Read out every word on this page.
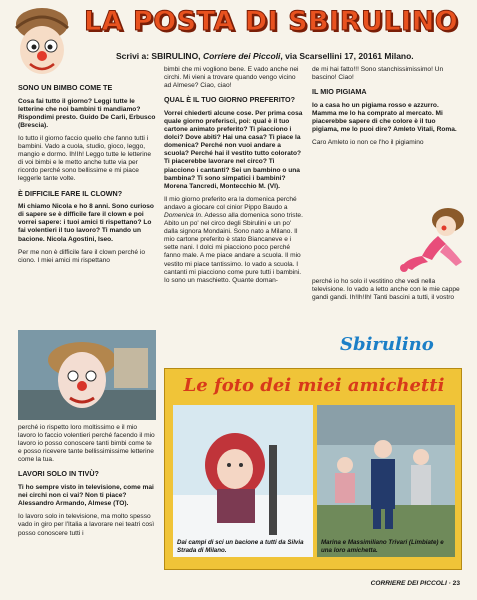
LA POSTA DI SBIRULINO
Scrivi a: SBIRULINO, Corriere dei Piccoli, via Scarsellini 17, 20161 Milano.
SONO UN BIMBO COME TE
Cosa fai tutto il giorno? Leggi tutte le letterine che noi bambini ti mandiamo? Rispondimi presto. Guido De Carli, Erbusco (Brescia).
Io tutto il giorno faccio quello che fanno tutti i bambini. Vado a cuola, studio, gioco, leggo, mangio e dormo. Ih!Ih! Leggo tutte le letterine di voi bimbi e le metto anche tutte via per ricordo perché sono bellissime e mi piace leggerle tante volte.
È DIFFICILE FARE IL CLOWN?
Mi chiamo Nicola e ho 8 anni. Sono curioso di sapere se è difficile fare il clown e poi vorrei sapere: i tuoi amici ti rispettano? Lo fai volentieri il tuo lavoro? Ti mando un bacione. Nicola Agostini, Iseo.
Per me non è difficile fare il clown perché io ciono. I miei amici mi rispettano
perché io rispetto loro moltissimo e il mio lavoro lo faccio volentieri perché facendo il mio lavoro io posso conoscere tanti bimbi come te e posso ricevere tante bellissimissime letterine come la tua.
LAVORI SOLO IN TIVÙ?
Ti ho sempre visto in televisione, come mai nei circhi non ci vai? Non ti piace? Alessandro Armando, Almese (TO).
Io lavoro solo in televisione, ma molto spesso vado in giro per l'Italia a lavorare nei teatri così posso conoscere tutti i
bimbi che mi vogliono bene. E vado anche nei circhi. Mi vieni a trovare quando vengo vicino ad Almese? Ciao, ciao!
QUAL È IL TUO GIORNO PREFERITO?
Vorrei chiederti alcune cose. Per prima cosa quale giorno preferisci, poi: qual è il tuo cartone animato preferito? Ti piacciono i dolci? Dove abiti? Hai una casa? Ti piace la domenica? Perché non vuoi andare a scuola? Perché hai il vestito tutto colorato? Ti piacerebbe lavorare nel circo? Ti piacciono i cantanti? Sei un bambino o una bambina? Ti sono simpatici i bambini? Morena Tancredi, Montecchio M. (VI).
Il mio giorno preferito era la domenica perché andavo a giocare col cinior Pippo Baudo a Domenica In. Adesso alla domenica sono triste. Abito un po' nel circo degli Sbirulini e un po' dalla signora Mondaini. Sono nato a Milano. Il mio cartone preferito è stato Biancaneve e i sette nani. I dolci mi piacciono poco perché fanno male. A me piace andare a scuola. Il mio vestito mi piace tantissimo. Io vado a scuola. I cantanti mi piacciono come pure tutti i bambini. Io sono un maschietto. Quante doman-
de mi hai fatto!!! Sono stanchissimissimo! Un bascino! Ciao!
IL MIO PIGIAMA
Io a casa ho un pigiama rosso e azzurro. Mamma me lo ha comprato al mercato. Mi piacerebbe sapere di che colore è il tuo pigiama, me lo puoi dire? Amleto Vitali, Roma.
Caro Amleto io non ce l'ho il pigiamino
perché io ho solo il vestitino che vedi nella televisione. Io vado a letto anche con le mie cappe gandi gandi. Ih!Ih!Ih! Tanti bascini a tutti, il vostro
Sbirulino
Le foto dei miei amichetti
Dai campi di sci un bacione a tutti da Silvia Strada di Milano.
Marina e Massimiliano Trivari (Limbiate) e una loro amichetta.
CORRIERE DEI PICCOLI · 23
